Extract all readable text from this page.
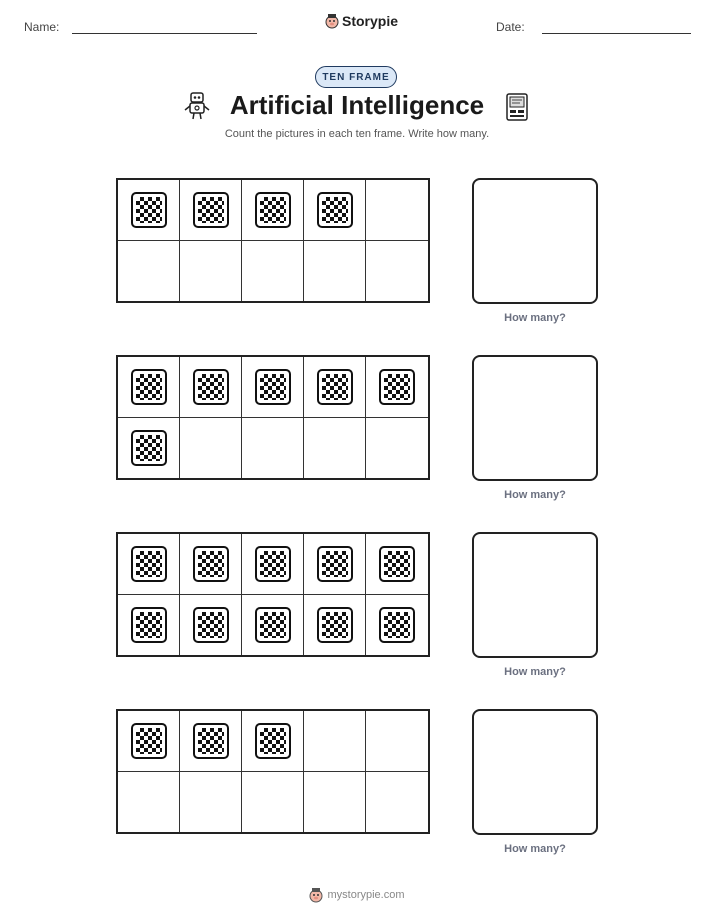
Name:	Storypie	Date:
TEN FRAME
Artificial Intelligence
Count the pictures in each ten frame. Write how many.
How many?
How many?
How many?
How many?
mystorypie.com
